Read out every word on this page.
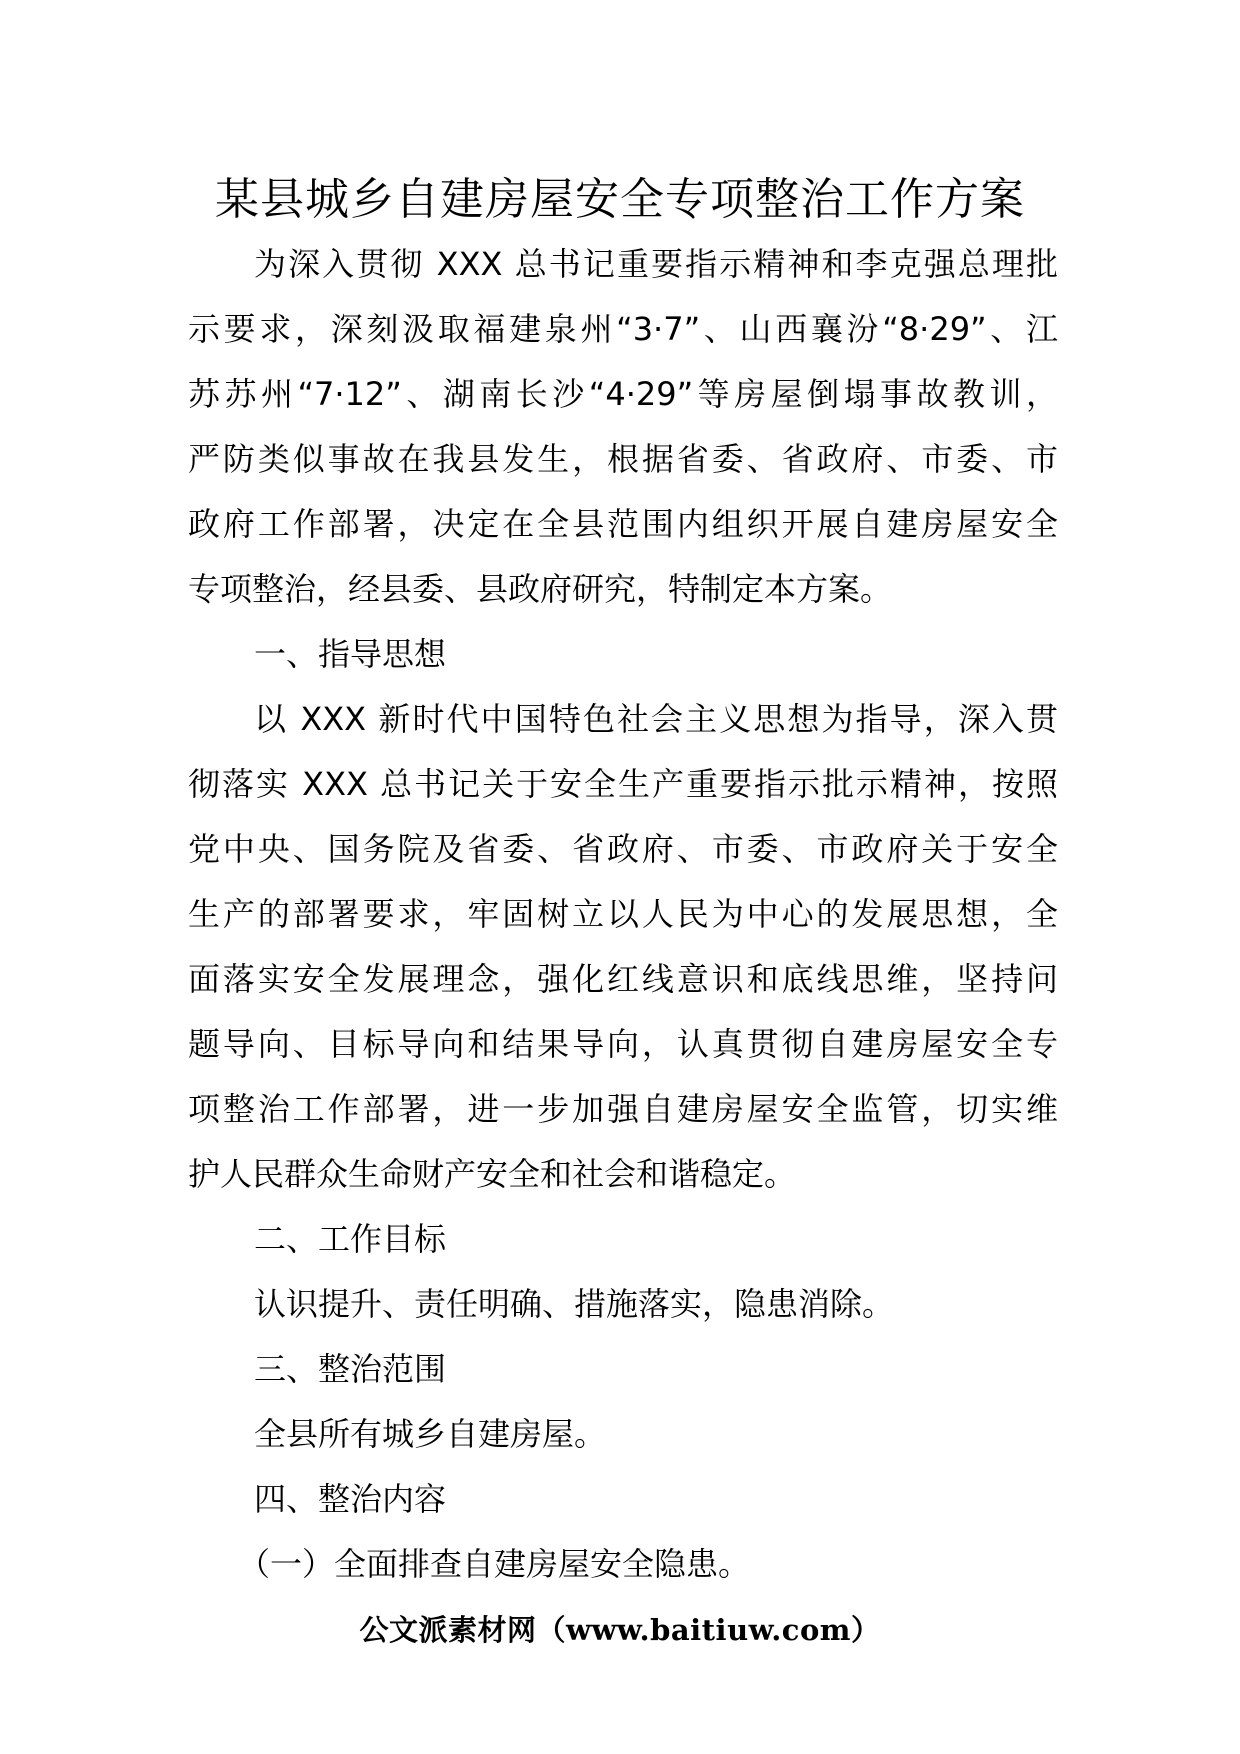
某县城乡自建房屋安全专项整治工作方案
为深入贯彻 XXX 总书记重要指示精神和李克强总理批
示要求，深刻汲取福建泉州“3·7”、山西襄汾“8·29”、江
苏苏州“7·12”、湖南长沙“4·29”等房屋倒塌事故教训，
严防类似事故在我县发生，根据省委、省政府、市委、市
政府工作部署，决定在全县范围内组织开展自建房屋安全
专项整治，经县委、县政府研究，特制定本方案。

一、指导思想

以 XXX 新时代中国特色社会主义思想为指导，深入贯
彻落实 XXX 总书记关于安全生产重要指示批示精神，按照
党中央、国务院及省委、省政府、市委、市政府关于安全
生产的部署要求，牢固树立以人民为中心的发展思想，全
面落实安全发展理念，强化红线意识和底线思维，坚持问
题导向、目标导向和结果导向，认真贯彻自建房屋安全专
项整治工作部署，进一步加强自建房屋安全监管，切实维
护人民群众生命财产安全和社会和谐稳定。

二、工作目标

认识提升、责任明确、措施落实，隐患消除。

三、整治范围

全县所有城乡自建房屋。

四、整治内容

（一）全面排查自建房屋安全隐患。

公文派素材网（www.baitiuw.com）
